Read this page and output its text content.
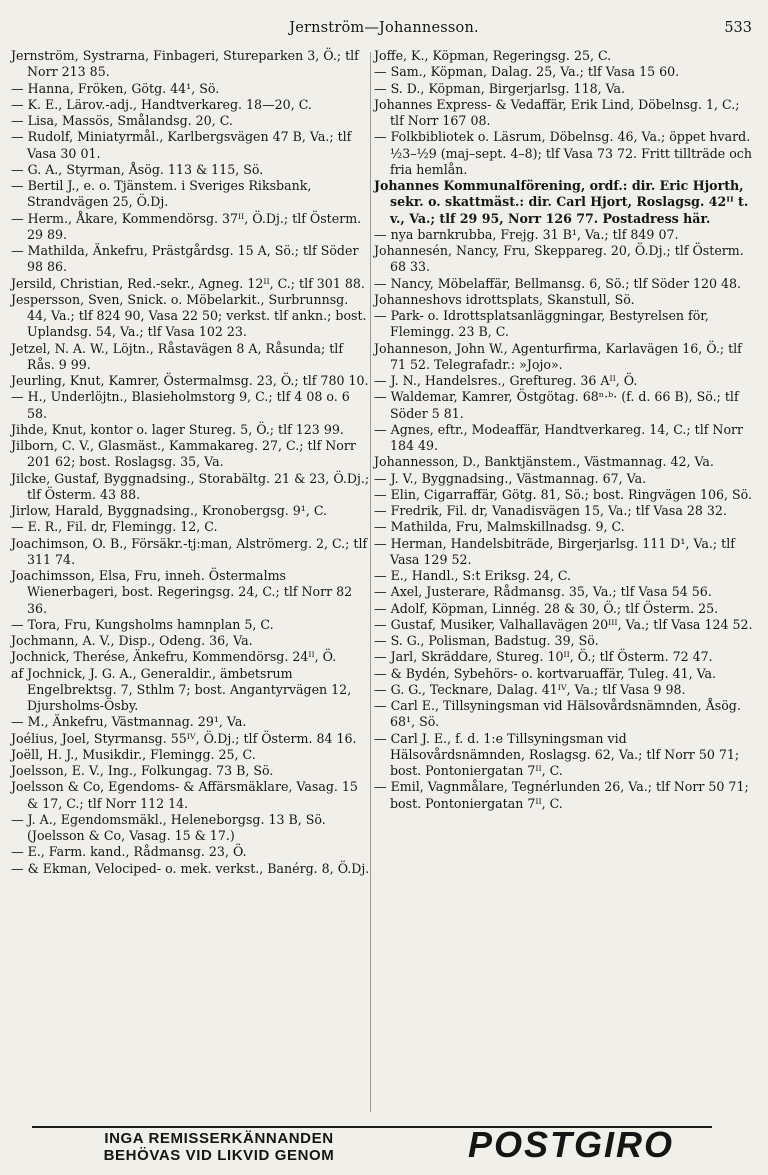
Jernström—Johannesson.	533
Jernström, Systrarna, Finbageri, Stureparken 3, Ö.; tlf Norr 213 85.
— Hanna, Fröken, Götg. 44¹, Sö.
— K. E., Lärov.-adj., Handtverkareg. 18—20, C.
— Lisa, Massös, Smålandsg. 20, C.
— Rudolf, Miniatyrmål., Karlbergsvägen 47 B, Va.; tlf Vasa 30 01.
— G. A., Styrman, Åsög. 113 & 115, Sö.
— Bertil J., e. o. Tjänstem. i Sveriges Riksbank, Strandvägen 25, Ö.Dj.
— Herm., Åkare, Kommendörsg. 37ᴵᴵ, Ö.Dj.; tlf Österm. 29 89.
— Mathilda, Änkefru, Prästgårdsg. 15 A, Sö.; tlf Söder 98 86.
Jersild, Christian, Red.-sekr., Agneg. 12ᴵᴵ, C.; tlf 301 88.
Jespersson, Sven, Snick. o. Möbelarkit., Surbrunnsg. 44, Va.; tlf 824 90, Vasa 22 50; verkst. tlf ankn.; bost. Uplandsg. 54, Va.; tlf Vasa 102 23.
Jetzel, N. A. W., Löjtn., Råstavägen 8 A, Råsunda; tlf Rås. 9 99.
Jeurling, Knut, Kamrer, Östermalmsg. 23, Ö.; tlf 780 10.
— H., Underlöjtn., Blasieholmstorg 9, C.; tlf 4 08 o. 6 58.
Jihde, Knut, kontor o. lager Stureg. 5, Ö.; tlf 123 99.
Jilborn, C. V., Glasmäst., Kammakareg. 27, C.; tlf Norr 201 62; bost. Roslagsg. 35, Va.
Jilcke, Gustaf, Byggnadsing., Storabältg. 21 & 23, Ö.Dj.; tlf Österm. 43 88.
Jirlow, Harald, Byggnadsing., Kronobergsg. 9¹, C.
— E. R., Fil. dr, Flemingg. 12, C.
Joachimson, O. B., Försäkr.-tj:man, Alströmerg. 2, C.; tlf 311 74.
Joachimsson, Elsa, Fru, inneh. Östermalms Wienerbageri, bost. Regeringsg. 24, C.; tlf Norr 82 36.
— Tora, Fru, Kungsholms hamnplan 5, C.
Jochmann, A. V., Disp., Odeng. 36, Va.
Jochnick, Therése, Änkefru, Kommendörsg. 24ᴵᴵ, Ö.
af Jochnick, J. G. A., Generaldir., ämbetsrum Engelbrektsg. 7, Sthlm 7; bost. Angantyrvägen 12, Djursholms-Ösby.
— M., Änkefru, Västmannag. 29¹, Va.
Joélius, Joel, Styrmansg. 55ᴵⱽ, Ö.Dj.; tlf Österm. 84 16.
Joëll, H. J., Musikdir., Flemingg. 25, C.
Joelsson, E. V., Ing., Folkungag. 73 B, Sö.
Joelsson & Co, Egendoms- & Affärsmäklare, Vasag. 15 & 17, C.; tlf Norr 112 14.
— J. A., Egendomsmäkl., Heleneborgsg. 13 B, Sö. (Joelsson & Co, Vasag. 15 & 17.)
— E., Farm. kand., Rådmansg. 23, Ö.
— & Ekman, Velociped- o. mek. verkst., Banérg. 8, Ö.Dj.
Joffe, K., Köpman, Regeringsg. 25, C.
— Sam., Köpman, Dalag. 25, Va.; tlf Vasa 15 60.
— S. D., Köpman, Birgerjarlsg. 118, Va.
Johannes Express- & Vedaffär, Erik Lind, Döbelnsg. 1, C.; tlf Norr 167 08.
— Folkbibliotek o. Läsrum, Döbelnsg. 46, Va.; öppet hvard. ½3–½9 (maj–sept. 4–8); tlf Vasa 73 72. Fritt tillträde och fria hemlån.
Johannes Kommunalförening, ordf.: dir. Eric Hjorth, sekr. o. skattmäst.: dir. Carl Hjort, Roslagsg. 42ᴵᴵ t. v., Va.; tlf 29 95, Norr 126 77. Postadress här.
— nya barnkrubba, Frejg. 31 B¹, Va.; tlf 849 07.
Johannesén, Nancy, Fru, Skeppareg. 20, Ö.Dj.; tlf Österm. 68 33.
— Nancy, Möbelaffär, Bellmansg. 6, Sö.; tlf Söder 120 48.
Johanneshovs idrottsplats, Skanstull, Sö.
— Park- o. Idrottsplatsanläggningar, Bestyrelsen för, Flemingg. 23 B, C.
Johanneson, John W., Agenturfirma, Karlavägen 16, Ö.; tlf 71 52. Telegrafadr.: »Jojo».
— J. N., Handelsres., Greftureg. 36 Aᴵᴵ, Ö.
— Waldemar, Kamrer, Östgötag. 68ⁿ·ᵇ· (f. d. 66 B), Sö.; tlf Söder 5 81.
— Agnes, eftr., Modeaffär, Handtverkareg. 14, C.; tlf Norr 184 49.
Johannesson, D., Banktjänstem., Västmannag. 42, Va.
— J. V., Byggnadsing., Västmannag. 67, Va.
— Elin, Cigarraffär, Götg. 81, Sö.; bost. Ringvägen 106, Sö.
— Fredrik, Fil. dr, Vanadisvägen 15, Va.; tlf Vasa 28 32.
— Mathilda, Fru, Malmskillnadsg. 9, C.
— Herman, Handelsbiträde, Birgerjarlsg. 111 D¹, Va.; tlf Vasa 129 52.
— E., Handl., S:t Eriksg. 24, C.
— Axel, Justerare, Rådmansg. 35, Va.; tlf Vasa 54 56.
— Adolf, Köpman, Linnég. 28 & 30, Ö.; tlf Österm. 25.
— Gustaf, Musiker, Valhallavägen 20ᴵᴵᴵ, Va.; tlf Vasa 124 52.
— S. G., Polisman, Badstug. 39, Sö.
— Jarl, Skräddare, Stureg. 10ᴵᴵ, Ö.; tlf Österm. 72 47.
— & Bydén, Sybehörs- o. kortvaruaffär, Tuleg. 41, Va.
— G. G., Tecknare, Dalag. 41ᴵⱽ, Va.; tlf Vasa 9 98.
— Carl E., Tillsyningsman vid Hälsovårdsnämnden, Åsög. 68¹, Sö.
— Carl J. E., f. d. 1:e Tillsyningsman vid Hälsovårdsnämnden, Roslagsg. 62, Va.; tlf Norr 50 71; bost. Pontoniergatan 7ᴵᴵ, C.
— Emil, Vagnmålare, Tegnérlunden 26, Va.; tlf Norr 50 71; bost. Pontoniergatan 7ᴵᴵ, C.
INGA REMISSERKÄNNANDEN
BEHÖVAS VID LIKVID GENOM	POSTGIRO
